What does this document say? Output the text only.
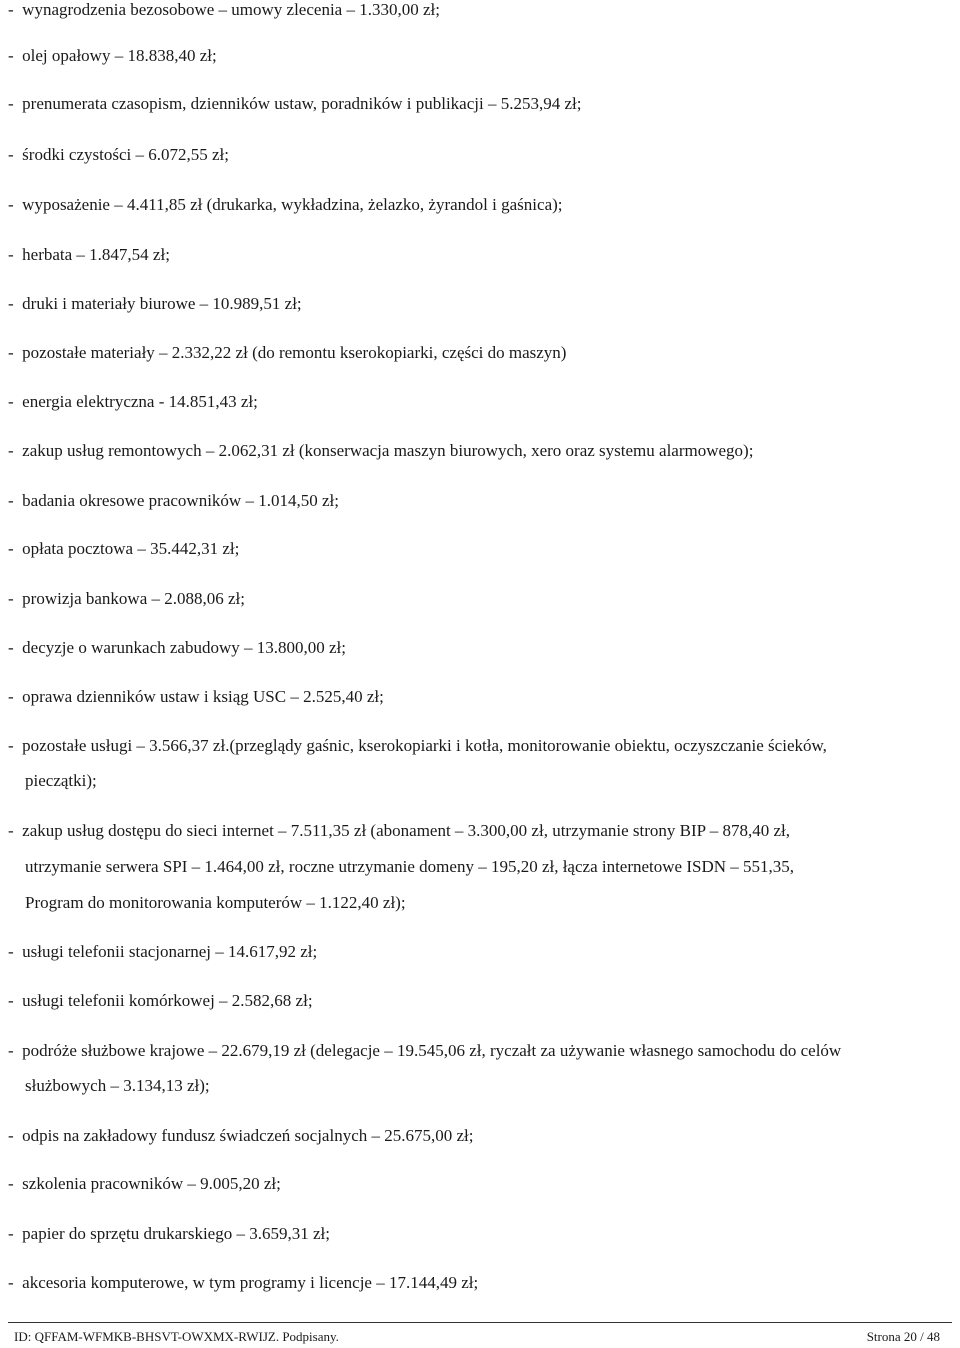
-  wynagrodzenia bezosobowe – umowy zlecenia – 1.330,00 zł;
-  olej opałowy – 18.838,40 zł;
-  prenumerata czasopism, dzienników ustaw, poradników i publikacji – 5.253,94 zł;
-  środki czystości – 6.072,55 zł;
-  wyposażenie – 4.411,85 zł (drukarka, wykładzina, żelazko, żyrandol i gaśnica);
-  herbata – 1.847,54 zł;
-  druki i materiały biurowe – 10.989,51 zł;
-  pozostałe materiały – 2.332,22 zł (do remontu kserokopiarki, części do maszyn)
-  energia elektryczna - 14.851,43 zł;
-  zakup usług remontowych – 2.062,31 zł (konserwacja maszyn biurowych, xero oraz systemu alarmowego);
-  badania okresowe pracowników – 1.014,50 zł;
-  opłata pocztowa – 35.442,31 zł;
-  prowizja bankowa – 2.088,06 zł;
-  decyzje o warunkach zabudowy – 13.800,00 zł;
-  oprawa dzienników ustaw i ksiąg USC – 2.525,40 zł;
-  pozostałe usługi – 3.566,37 zł.(przeglądy gaśnic, kserokopiarki i kotła, monitorowanie obiektu, oczyszczanie ścieków,
pieczątki);
-  zakup usług dostępu do sieci internet – 7.511,35 zł (abonament – 3.300,00 zł, utrzymanie strony BIP – 878,40 zł,
utrzymanie serwera SPI – 1.464,00 zł, roczne utrzymanie domeny – 195,20 zł, łącza internetowe ISDN – 551,35,
Program do monitorowania komputerów – 1.122,40 zł);
-  usługi telefonii stacjonarnej – 14.617,92 zł;
-  usługi telefonii komórkowej – 2.582,68 zł;
-  podróże służbowe krajowe – 22.679,19 zł (delegacje – 19.545,06 zł, ryczałt za używanie własnego samochodu do celów
służbowych – 3.134,13 zł);
-  odpis na zakładowy fundusz świadczeń socjalnych – 25.675,00 zł;
-  szkolenia pracowników – 9.005,20 zł;
-  papier do sprzętu drukarskiego – 3.659,31 zł;
-  akcesoria komputerowe, w tym programy i licencje – 17.144,49 zł;
ID: QFFAM-WFMKB-BHSVT-OWXMX-RWIJZ. Podpisany.	Strona 20 / 48
